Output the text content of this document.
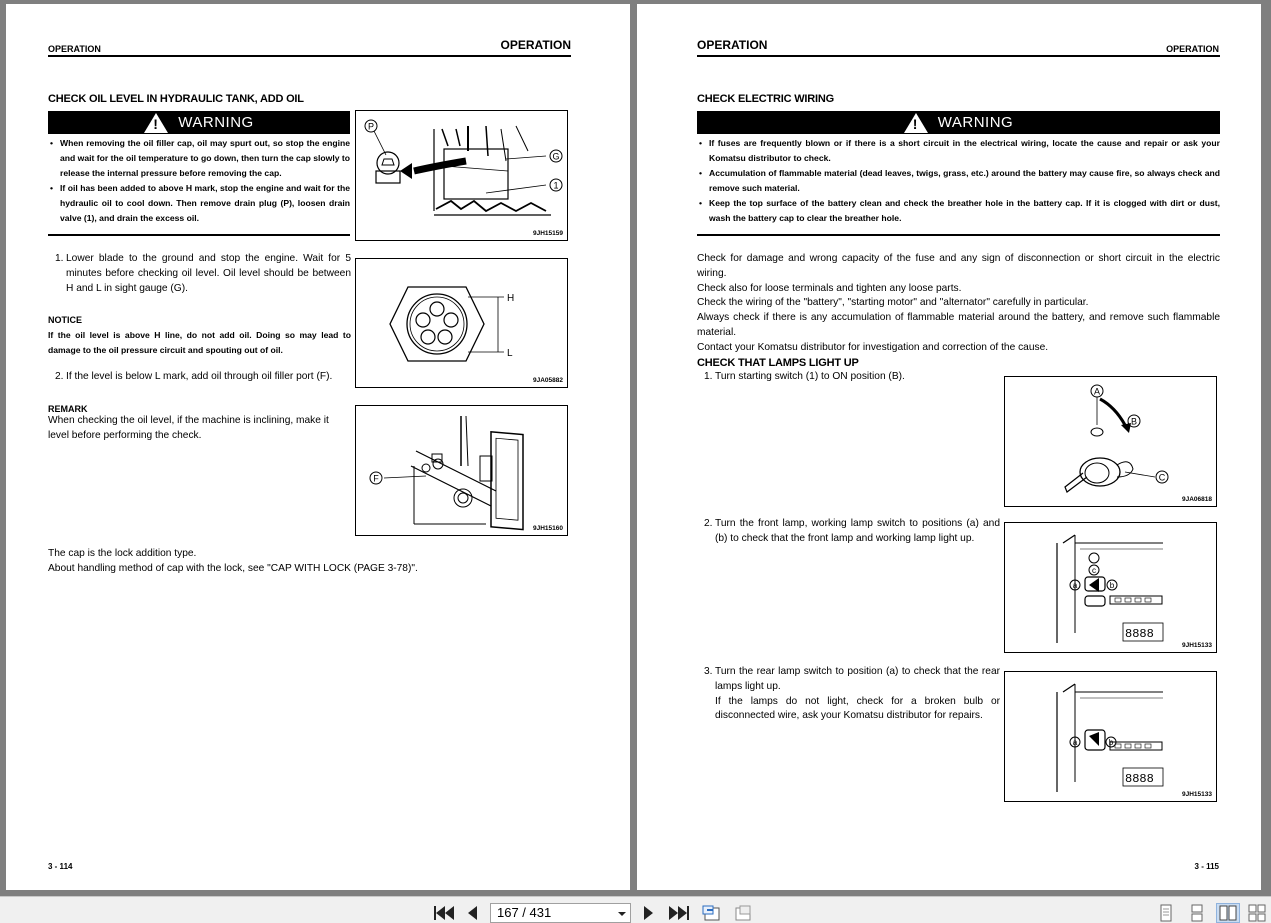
OPERATION	OPERATION
CHECK OIL LEVEL IN HYDRAULIC TANK, ADD OIL
!
WARNING
• When removing the oil filler cap, oil may spurt out, so stop the engine and wait for the oil temperature to go down, then turn the cap slowly to release the internal pressure before removing the cap.
• If oil has been added to above H mark, stop the engine and wait for the hydraulic oil to cool down. Then remove drain plug (P), loosen drain valve (1), and drain the excess oil.
P
G
1
9JH15159
1. Lower blade to the ground and stop the engine. Wait for 5 minutes before checking oil level. Oil level should be between H and L in sight gauge (G).
NOTICE
If the oil level is above H line, do not add oil. Doing so may lead to damage to the oil pressure circuit and spouting out of oil.
2. If the level is below L mark, add oil through oil filler port (F).
H
L
9JA05882
REMARK
When checking the oil level, if the machine is inclining, make it level before performing the check.
F
9JH15160
The cap is the lock addition type.
About handling method of cap with the lock, see "CAP WITH LOCK (PAGE 3-78)".
3 - 114
OPERATION	OPERATION
CHECK ELECTRIC WIRING
!
WARNING
• If fuses are frequently blown or if there is a short circuit in the electrical wiring, locate the cause and repair or ask your Komatsu distributor to check.
• Accumulation of flammable material (dead leaves, twigs, grass, etc.) around the battery may cause fire, so always check and remove such material.
• Keep the top surface of the battery clean and check the breather hole in the battery cap. If it is clogged with dirt or dust, wash the battery cap to clear the breather hole.
Check for damage and wrong capacity of the fuse and any sign of disconnection or short circuit in the electric wiring.
Check also for loose terminals and tighten any loose parts.
Check the wiring of the "battery", "starting motor" and "alternator" carefully in particular.
Always check if there is any accumulation of flammable material around the battery, and remove such flammable material.
Contact your Komatsu distributor for investigation and correction of the cause.
CHECK THAT LAMPS LIGHT UP
1. Turn starting switch (1) to ON position (B).
A
B
C
9JA06818
2. Turn the front lamp, working lamp switch to positions (a) and (b) to check that the front lamp and working lamp light up.
c
a	b
8888
9JH15133
3. Turn the rear lamp switch to position (a) to check that the rear lamps light up.
If the lamps do not light, check for a broken bulb or disconnected wire, ask your Komatsu distributor for repairs.
a	b
8888
9JH15133
3 - 115
167 / 431
